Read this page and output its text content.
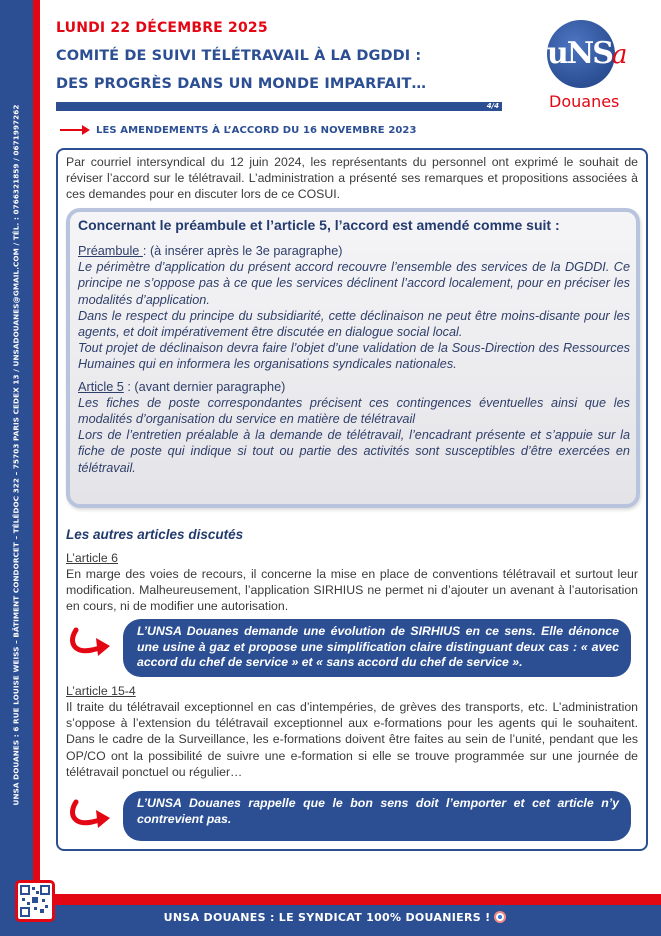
UNSA DOUANES : 6 RUE LOUISE WEISS – BÂTIMENT CONDORCET – TÉLÉDOC 322 – 75703 PARIS CEDEX 13 / UNSADOUANES@GMAIL.COM / TÉL. : 0766321859 / 0671997262
LUNDI 22 DÉCEMBRE 2025
COMITÉ DE SUIVI TÉLÉTRAVAIL À LA DGDDI :
DES PROGRÈS DANS UN MONDE IMPARFAIT…
4/4
uNSa
Douanes
LES AMENDEMENTS À L’ACCORD DU 16 NOVEMBRE 2023
Par courriel intersyndical du 12 juin 2024, les représentants du personnel ont exprimé le souhait de réviser l’accord sur le télétravail. L’administration a présenté ses remarques et propositions associées à ces demandes pour en discuter lors de ce COSUI.
Concernant le préambule et l’article 5, l’accord est amendé comme suit :
Préambule : (à insérer après le 3e paragraphe)
Le périmètre d’application du présent accord recouvre l’ensemble des services de la DGDDI. Ce principe ne s’oppose pas à ce que les services déclinent l’accord localement, pour en préciser les modalités d’application.
Dans le respect du principe du subsidiarité, cette déclinaison ne peut être moins-disante pour les agents, et doit impérativement être discutée en dialogue social local.
Tout projet de déclinaison devra faire l’objet d’une validation de la Sous-Direction des Ressources Humaines qui en informera les organisations syndicales nationales.
Article 5 : (avant dernier paragraphe)
Les fiches de poste correspondantes précisent ces contingences éventuelles ainsi que les modalités d’organisation du service en matière de télétravail
Lors de l’entretien préalable à la demande de télétravail, l’encadrant présente et s’appuie sur la fiche de poste qui indique si tout ou partie des activités sont susceptibles d’être exercées en télétravail.
Les autres articles discutés
L’article 6
En marge des voies de recours, il concerne la mise en place de conventions télétravail et surtout leur modification. Malheureusement, l’application SIRHIUS ne permet ni d’ajouter un avenant à l’autorisation en cours, ni de modifier une autorisation.
L’UNSA Douanes demande une évolution de SIRHIUS en ce sens. Elle dénonce une usine à gaz et propose une simplification claire distinguant deux cas : « avec accord du chef de service » et « sans accord du chef de service ».
L’article 15-4
Il traite du télétravail exceptionnel en cas d’intempéries, de grèves des transports, etc. L’administration s’oppose à l’extension du télétravail exceptionnel aux e-formations pour les agents qui le souhaitent. Dans le cadre de la Surveillance, les e-formations doivent être faites au sein de l’unité, pendant que les OP/CO ont la possibilité de suivre une e-formation si elle se trouve programmée sur une journée de télétravail ponctuel ou régulier…
L’UNSA Douanes rappelle que le bon sens doit l’emporter et cet article n’y contrevient pas.
UNSA DOUANES : LE SYNDICAT 100% DOUANIERS !
